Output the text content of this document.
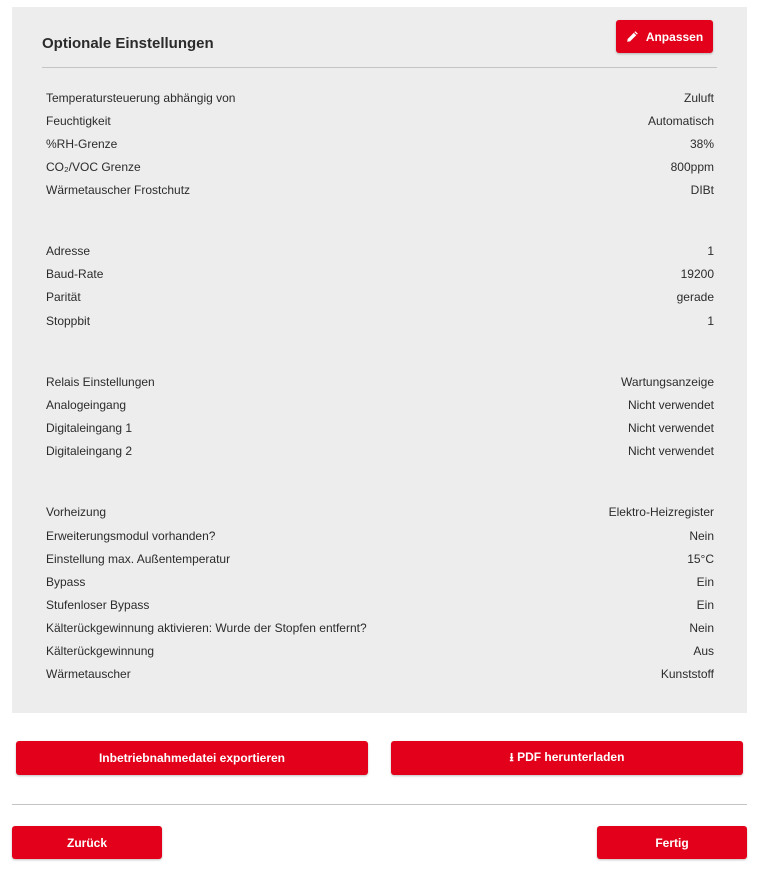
Optionale Einstellungen	Anpassen
Temperatursteuerung abhängig von	Zuluft
Feuchtigkeit	Automatisch
%RH-Grenze	38%
CO₂/VOC Grenze	800ppm
Wärmetauscher Frostchutz	DIBt
Adresse	1
Baud-Rate	19200
Parität	gerade
Stoppbit	1
Relais Einstellungen	Wartungsanzeige
Analogeingang	Nicht verwendet
Digitaleingang 1	Nicht verwendet
Digitaleingang 2	Nicht verwendet
Vorheizung	Elektro-Heizregister
Erweiterungsmodul vorhanden?	Nein
Einstellung max. Außentemperatur	15°C
Bypass	Ein
Stufenloser Bypass	Ein
Kälterückgewinnung aktivieren: Wurde der Stopfen entfernt?	Nein
Kälterückgewinnung	Aus
Wärmetauscher	Kunststoff
Inbetriebnahmedatei exportieren	⭳ PDF herunterladen
Zurück	Fertig
